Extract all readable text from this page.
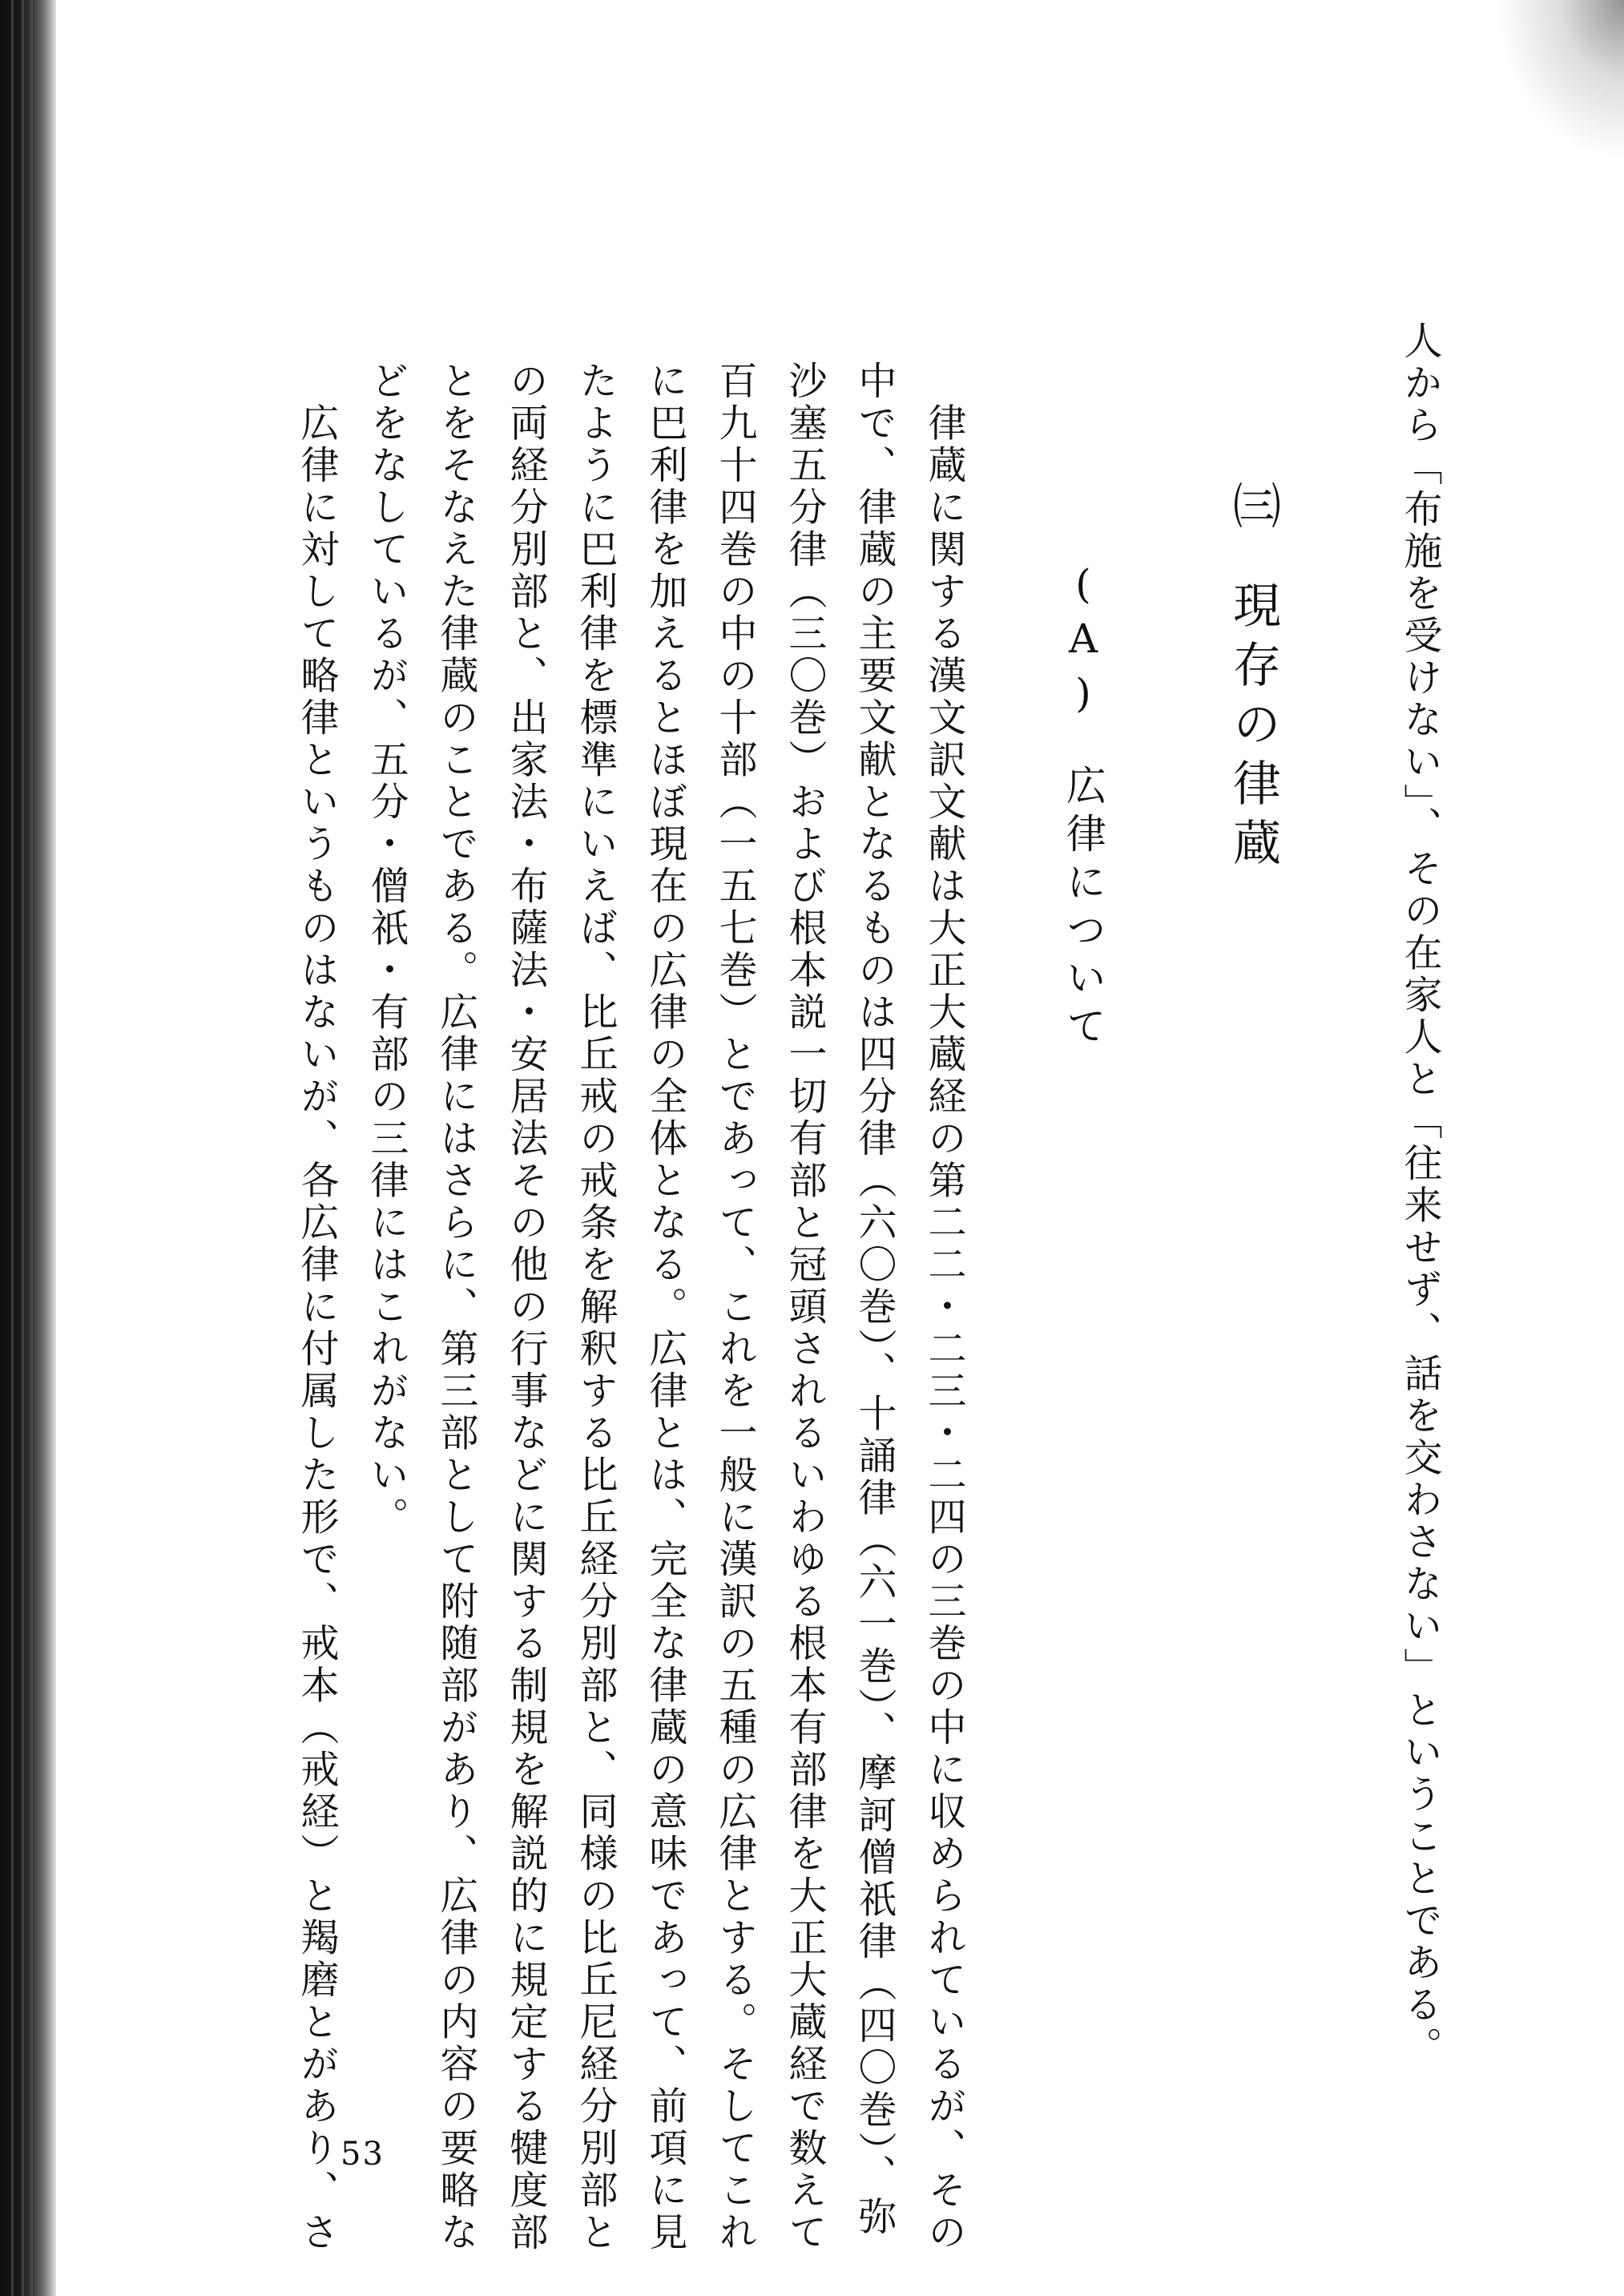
人から「布施を受けない」、その在家人と「往来せず、話を交わさない」ということである。
㈢現存の律蔵
(A)広律について
　律蔵に関する漢文訳文献は大正大蔵経の第二二・二三・二四の三巻の中に収められているが、その
中で、律蔵の主要文献となるものは四分律（六〇巻）、十誦律（六一巻）、摩訶僧祇律（四〇巻）、弥
沙塞五分律（三〇巻）および根本説一切有部と冠頭されるいわゆる根本有部律を大正大蔵経で数えて
百九十四巻の中の十部（一五七巻）とであって、これを一般に漢訳の五種の広律とする。そしてこれ
に巴利律を加えるとほぼ現在の広律の全体となる。広律とは、完全な律蔵の意味であって、前項に見
たように巴利律を標準にいえば、比丘戒の戒条を解釈する比丘経分別部と、同様の比丘尼経分別部と
の両経分別部と、出家法・布薩法・安居法その他の行事などに関する制規を解説的に規定する犍度部
とをそなえた律蔵のことである。広律にはさらに、第三部として附随部があり、広律の内容の要略な
どをなしているが、五分・僧祇・有部の三律にはこれがない。
　広律に対して略律というものはないが、各広律に付属した形で、戒本（戒経）と羯磨とがあり、さ 53
